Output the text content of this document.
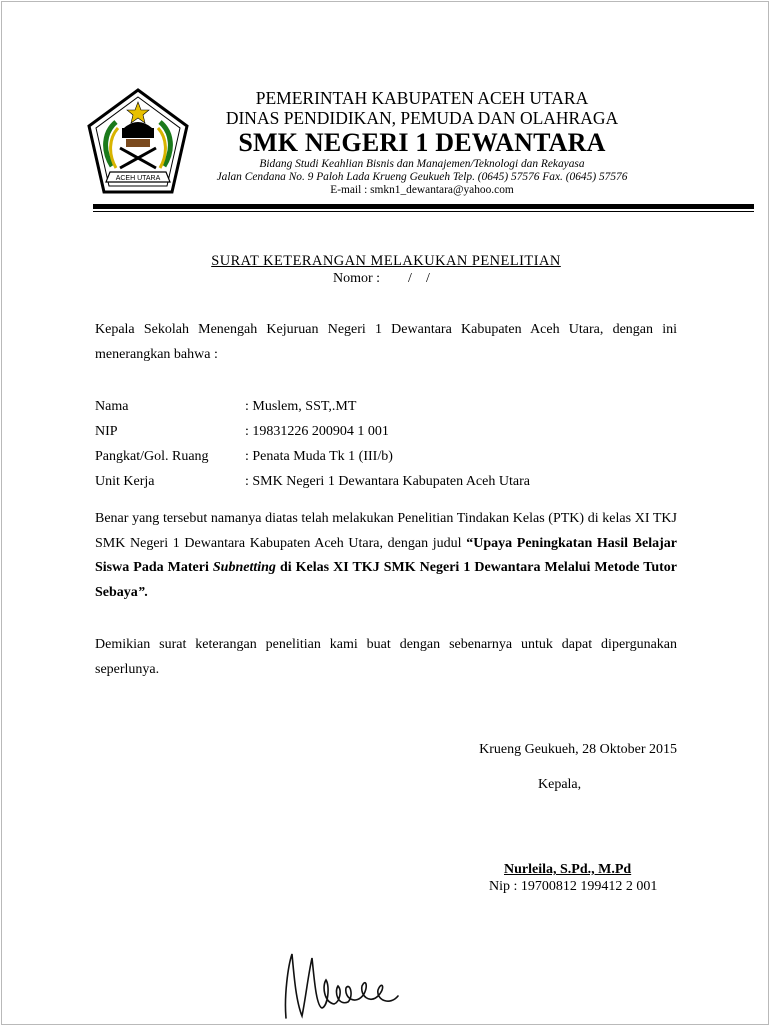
ACEH UTARA
PEMERINTAH KABUPATEN ACEH UTARA
DINAS PENDIDIKAN, PEMUDA DAN OLAHRAGA
SMK NEGERI 1 DEWANTARA
Bidang Studi Keahlian Bisnis dan Manajemen/Teknologi dan Rekayasa
Jalan Cendana No. 9 Paloh Lada Krueng Geukueh Telp. (0645) 57576 Fax. (0645) 57576
E-mail : smkn1_dewantara@yahoo.com
SURAT KETERANGAN MELAKUKAN PENELITIAN
Nomor :        /    /
Kepala Sekolah Menengah Kejuruan Negeri 1 Dewantara Kabupaten Aceh Utara, dengan ini menerangkan bahwa :
Nama	: Muslem, SST,.MT
NIP	: 19831226 200904 1 001
Pangkat/Gol. Ruang	: Penata Muda Tk 1 (III/b)
Unit Kerja	: SMK Negeri 1 Dewantara Kabupaten Aceh Utara
Benar yang tersebut namanya diatas telah melakukan Penelitian Tindakan Kelas (PTK) di kelas XI TKJ SMK Negeri 1 Dewantara Kabupaten Aceh Utara, dengan judul “Upaya Peningkatan Hasil Belajar Siswa Pada Materi Subnetting di Kelas XI TKJ SMK Negeri 1 Dewantara Melalui Metode Tutor Sebaya”.
Demikian surat keterangan penelitian kami buat dengan sebenarnya untuk dapat dipergunakan seperlunya.
Krueng Geukueh, 28 Oktober 2015
Kepala,
Nurleila, S.Pd., M.Pd
Nip : 19700812 199412 2 001
